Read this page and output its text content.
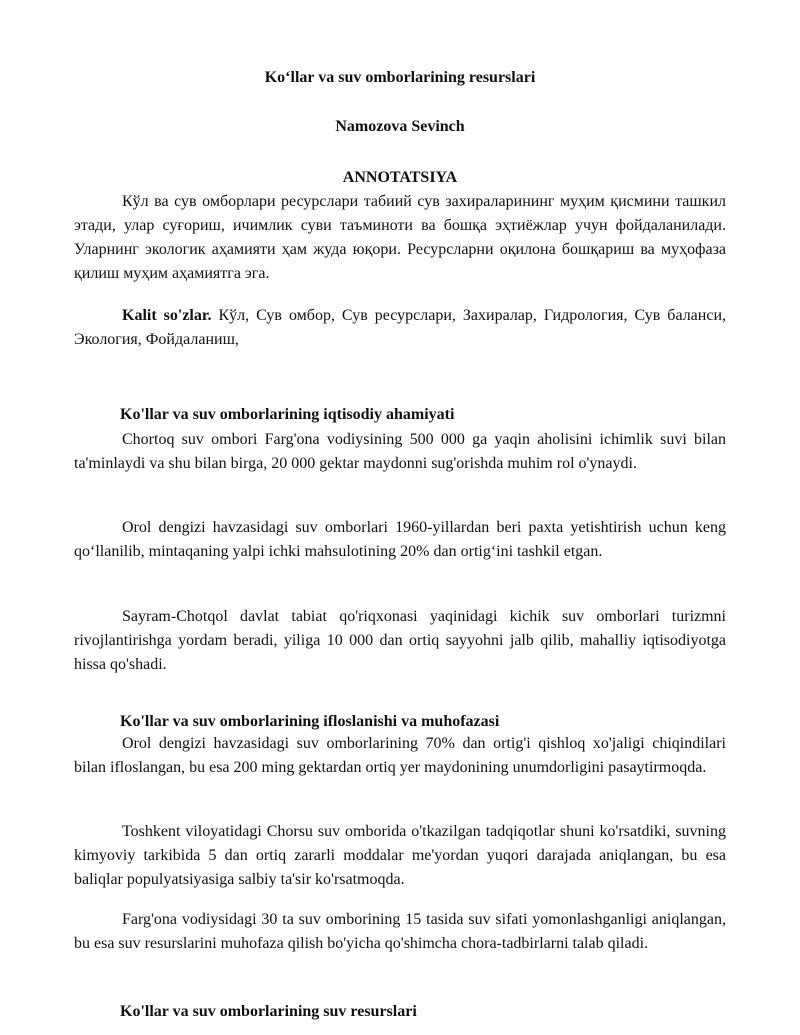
Koʻllar va suv omborlarining resurslari
Namozova Sevinch
ANNOTATSIYA

Кўл ва сув омборлари ресурслари табиий сув захираларининг муҳим қисмини ташкил этади, улар суғориш, ичимлик суви таъминоти ва бошқа эҳтиёжлар учун фойдаланилади. Уларнинг экологик аҳамияти ҳам жуда юқори. Ресурсларни оқилона бошқариш ва муҳофаза қилиш муҳим аҳамиятга эга.

Kalit so'zlar. Кўл, Сув омбор, Сув ресурслари, Захиралар, Гидрология, Сув баланси, Экология, Фойдаланиш,

Ko'llar va suv omborlarining iqtisodiy ahamiyati

Chortoq suv ombori Farg'ona vodiysining 500 000 ga yaqin aholisini ichimlik suvi bilan ta'minlaydi va shu bilan birga, 20 000 gektar maydonni sug'orishda muhim rol o'ynaydi.

Orol dengizi havzasidagi suv omborlari 1960-yillardan beri paxta yetishtirish uchun keng qoʻllanilib, mintaqaning yalpi ichki mahsulotining 20% dan ortigʻini tashkil etgan.

Sayram-Chotqol davlat tabiat qo'riqxonasi yaqinidagi kichik suv omborlari turizmni rivojlantirishga yordam beradi, yiliga 10 000 dan ortiq sayyohni jalb qilib, mahalliy iqtisodiyotga hissa qo'shadi.

Ko'llar va suv omborlarining ifloslanishi va muhofazasi

Orol dengizi havzasidagi suv omborlarining 70% dan ortig'i qishloq xo'jaligi chiqindilari bilan ifloslangan, bu esa 200 ming gektardan ortiq yer maydonining unumdorligini pasaytirmoqda.

Toshkent viloyatidagi Chorsu suv omborida o'tkazilgan tadqiqotlar shuni ko'rsatdiki, suvning kimyoviy tarkibida 5 dan ortiq zararli moddalar me'yordan yuqori darajada aniqlangan, bu esa baliqlar populyatsiyasiga salbiy ta'sir ko'rsatmoqda.

Farg'ona vodiysidagi 30 ta suv omborining 15 tasida suv sifati yomonlashganligi aniqlangan, bu esa suv resurslarini muhofaza qilish bo'yicha qo'shimcha chora-tadbirlarni talab qiladi.

Ko'llar va suv omborlarining suv resurslari
